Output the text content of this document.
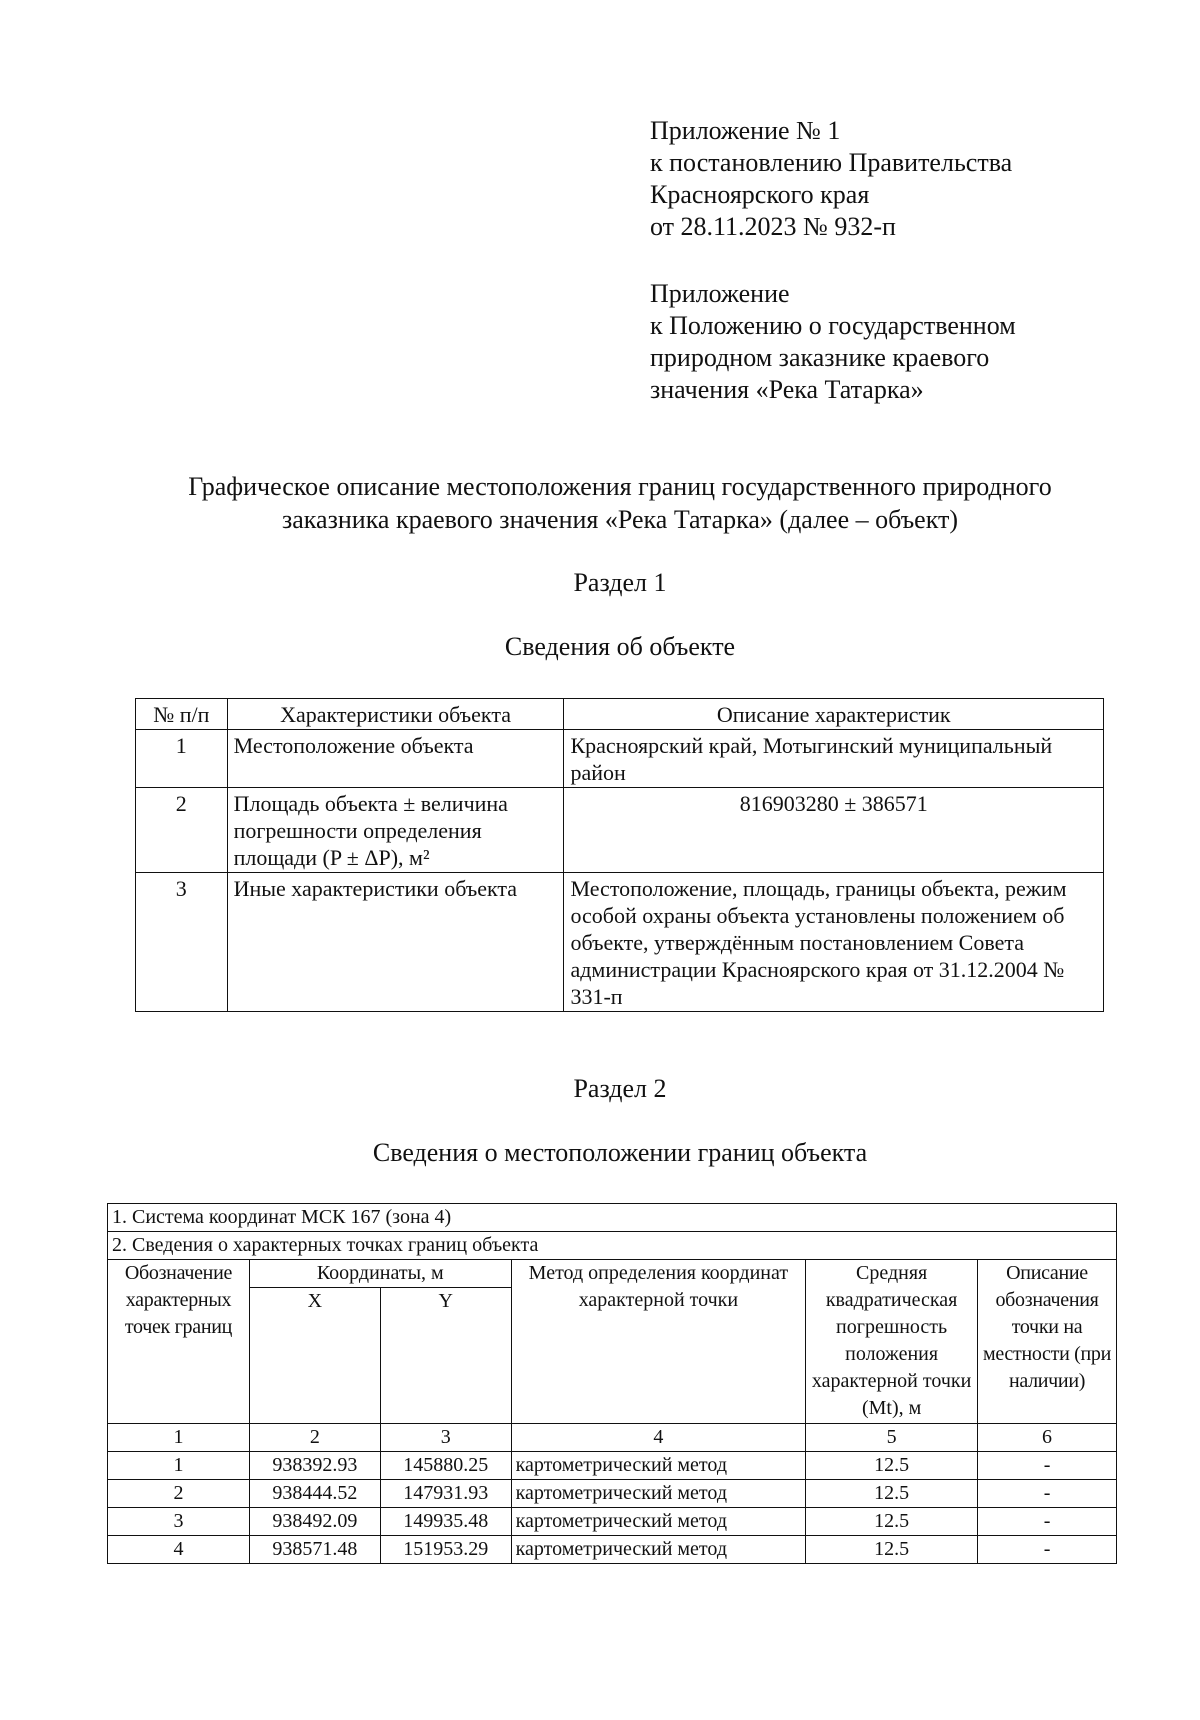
Приложение № 1
к постановлению Правительства
Красноярского края
от 28.11.2023 № 932-п
Приложение
к Положению о государственном
природном заказнике краевого
значения «Река Татарка»
Графическое описание местоположения границ государственного природного
заказника краевого значения «Река Татарка» (далее – объект)
Раздел 1
Сведения об объекте
№ п/п	Характеристики объекта	Описание характеристик
1	Местоположение объекта	Красноярский край, Мотыгинский муниципальный район
2	Площадь объекта ± величина погрешности определения площади (P ± ΔP), м²	816903280 ± 386571
3	Иные характеристики объекта	Местоположение, площадь, границы объекта, режим особой охраны объекта установлены положением об объекте, утверждённым постановлением Совета администрации Красноярского края от 31.12.2004 № 331-п
Раздел 2
Сведения о местоположении границ объекта
1. Система координат МСК 167 (зона 4)					
2. Сведения о характерных точках границ объекта					
Обозначение характерных точек границ	Координаты, м		Метод определения координат характерной точки	Средняя квадратическая погрешность положения характерной точки (Mt), м	Описание обозначения точки на местности (при наличии)
	X	Y			
1	2	3	4	5	6
1	938392.93	145880.25	картометрический метод	12.5	-
2	938444.52	147931.93	картометрический метод	12.5	-
3	938492.09	149935.48	картометрический метод	12.5	-
4	938571.48	151953.29	картометрический метод	12.5	-
